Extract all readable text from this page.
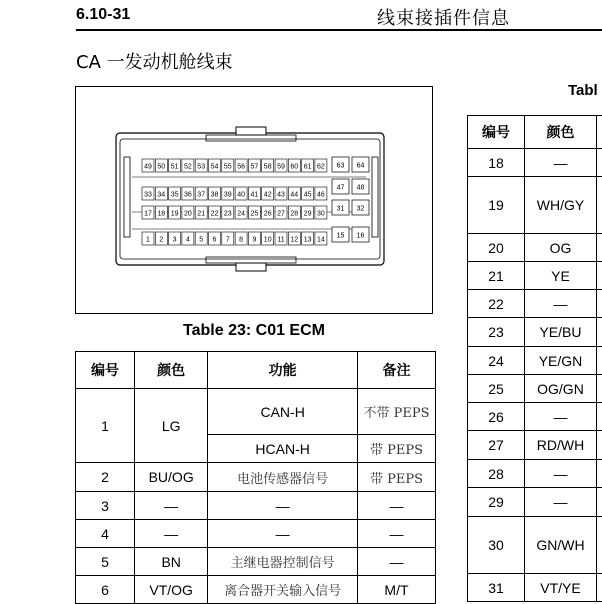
6.10-31	线束接插件信息
CA 一发动机舱线束
49 50 51 52 53 54 55 56 57 58 59 60 61 62
33 34 35 36 37 38 39 40 41 42 43 44 45 46
17 18 19 20 21 22 23 24 25 26 27 28 29 30
1 2 3 4 5 6 7 8 9 10 11 12 13 14
63 64
47 48
31 32
15 16
Table 23: C01 ECM
Tabl
编号	颜色	功能	备注
1	LG	CAN-H	不带 PEPS
		HCAN-H	带 PEPS
2	BU/OG	电池传感器信号	带 PEPS
3	—	—	—
4	—	—	—
5	BN	主继电器控制信号	—
6	VT/OG	离合器开关输入信号	M/T
编号	颜色	
18	—	
19	WH/GY	
20	OG	
21	YE	
22	—	
23	YE/BU	
24	YE/GN	
25	OG/GN	
26	—	
27	RD/WH	
28	—	
29	—	
30	GN/WH	
31	VT/YE	
